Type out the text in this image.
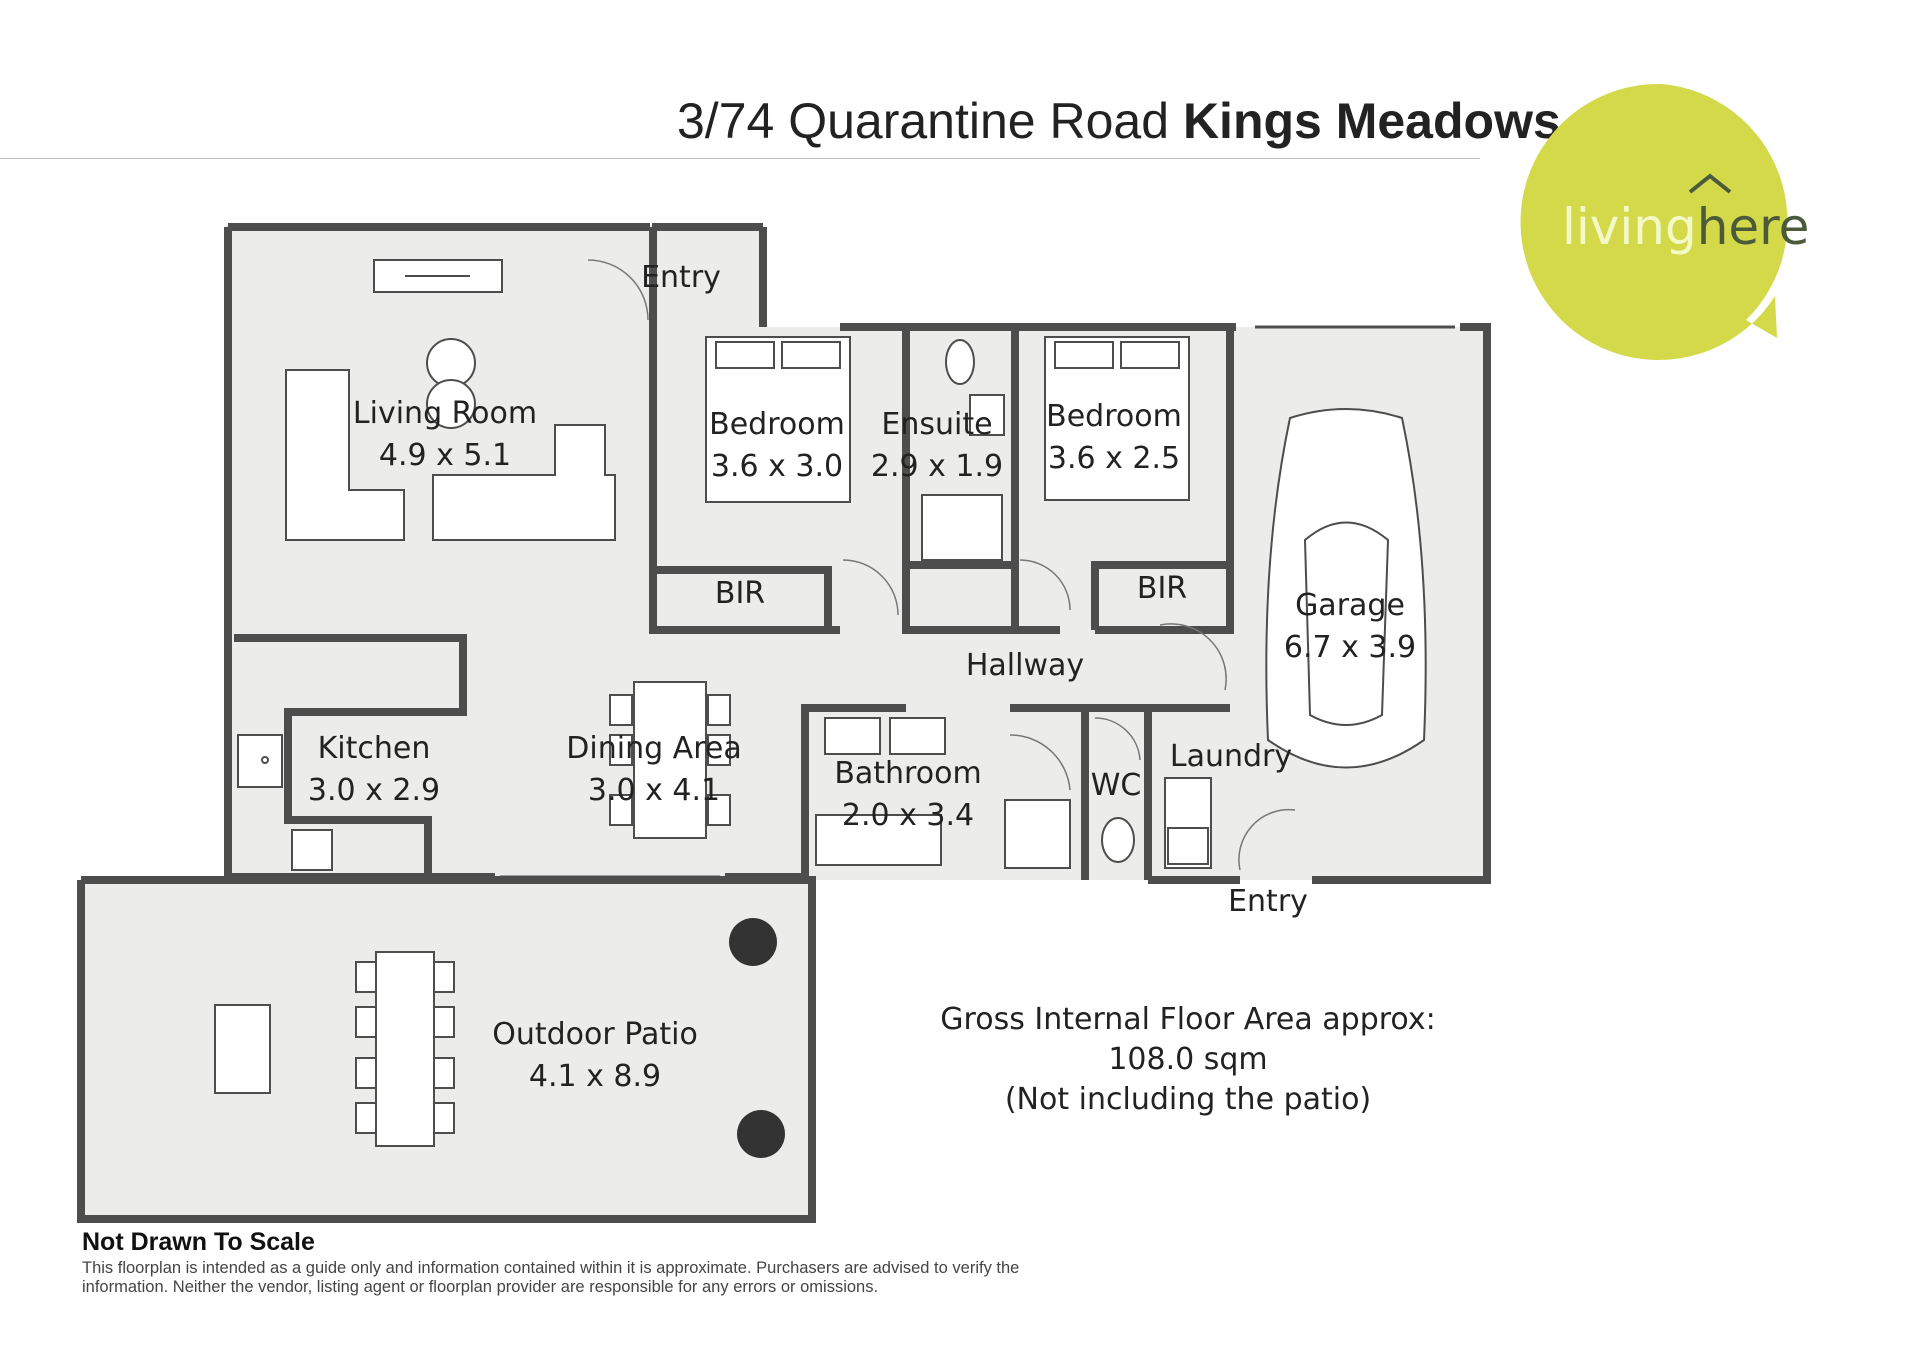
3/74 Quarantine Road Kings Meadows
livinghere
Entry
Living Room
4.9 x 5.1
Bedroom
3.6 x 3.0
Ensuite
2.9 x 1.9
Bedroom
3.6 x 2.5
BIR	BIR
Hallway
Garage
6.7 x 3.9
Kitchen
3.0 x 2.9
Dining Area
3.0 x 4.1	Bathroom
2.0 x 3.4
WC
Laundry
Entry
Outdoor Patio
4.1 x 8.9
Gross Internal Floor Area approx:
108.0 sqm
(Not including the patio)
Not Drawn To Scale
This floorplan is intended as a guide only and information contained within it is approximate. Purchasers are advised to verify the information. Neither the vendor, listing agent or floorplan provider are responsible for any errors or omissions.
